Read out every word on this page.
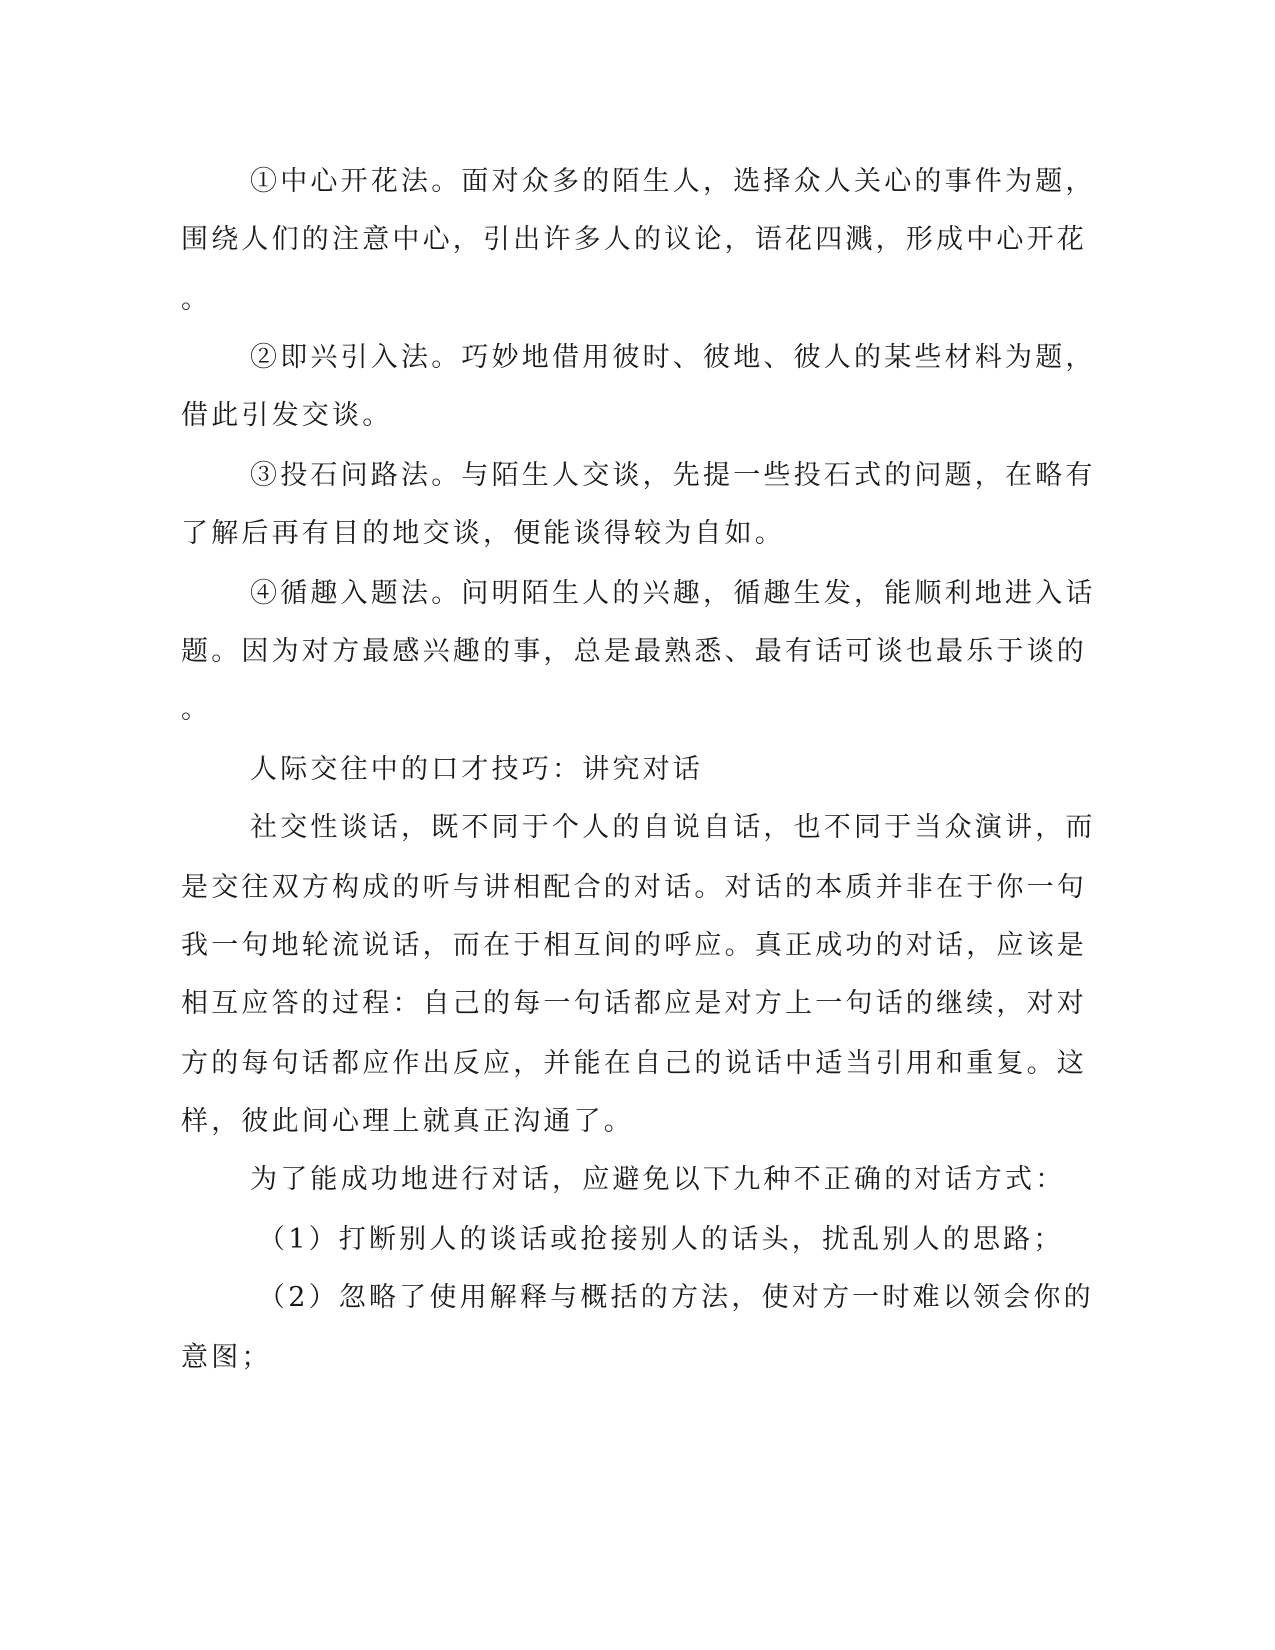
①中心开花法。面对众多的陌生人，选择众人关心的事件为题，

围绕人们的注意中心，引出许多人的议论，语花四溅，形成中心开花

。

②即兴引入法。巧妙地借用彼时、彼地、彼人的某些材料为题，

借此引发交谈。

③投石问路法。与陌生人交谈，先提一些投石式的问题，在略有

了解后再有目的地交谈，便能谈得较为自如。

④循趣入题法。问明陌生人的兴趣，循趣生发，能顺利地进入话

题。因为对方最感兴趣的事，总是最熟悉、最有话可谈也最乐于谈的

。

人际交往中的口才技巧：讲究对话

社交性谈话，既不同于个人的自说自话，也不同于当众演讲，而

是交往双方构成的听与讲相配合的对话。对话的本质并非在于你一句

我一句地轮流说话，而在于相互间的呼应。真正成功的对话，应该是

相互应答的过程：自己的每一句话都应是对方上一句话的继续，对对

方的每句话都应作出反应，并能在自己的说话中适当引用和重复。这

样，彼此间心理上就真正沟通了。

为了能成功地进行对话，应避免以下九种不正确的对话方式：

（1）打断别人的谈话或抢接别人的话头，扰乱别人的思路；

（2）忽略了使用解释与概括的方法，使对方一时难以领会你的

意图；
